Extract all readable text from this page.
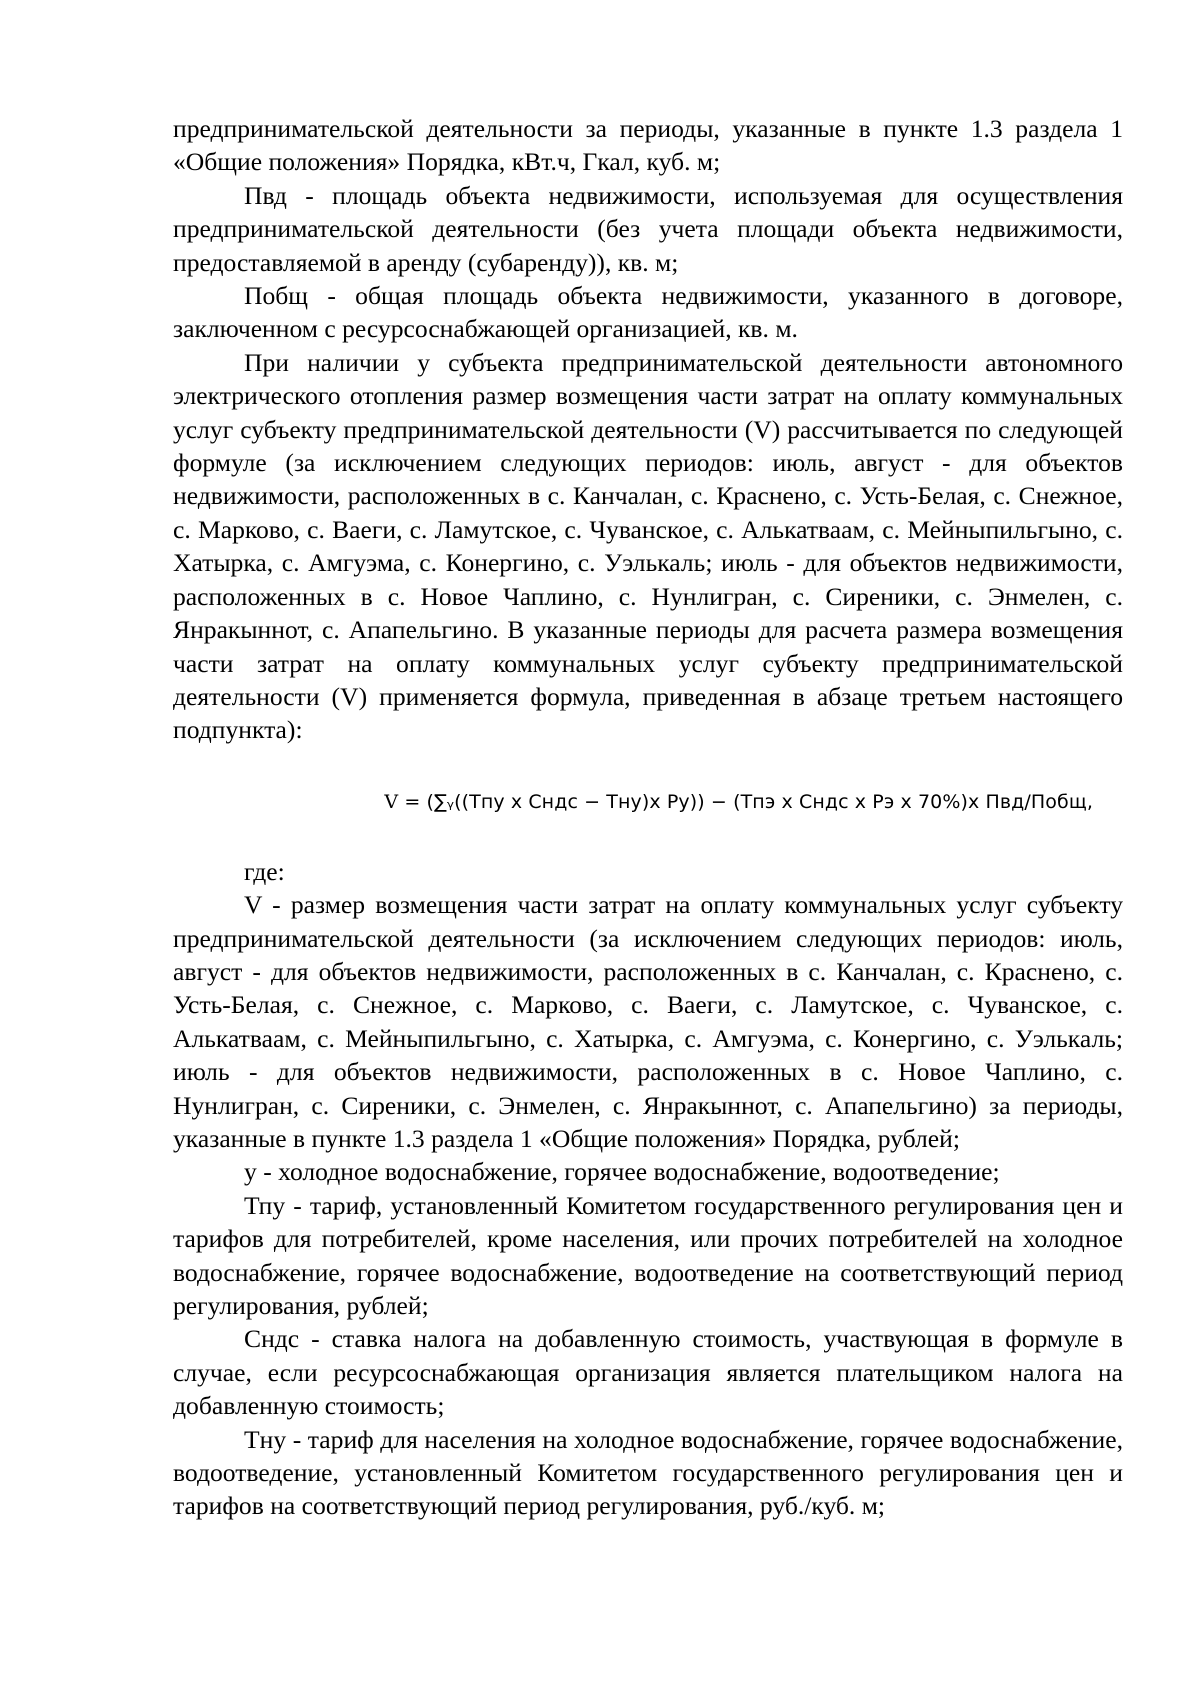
предпринимательской деятельности за периоды, указанные в пункте 1.3 раздела 1 «Общие положения» Порядка, кВт.ч, Гкал, куб. м;

Пвд - площадь объекта недвижимости, используемая для осуществления предпринимательской деятельности (без учета площади объекта недвижимости, предоставляемой в аренду (субаренду)), кв. м;

Побщ - общая площадь объекта недвижимости, указанного в договоре, заключенном с ресурсоснабжающей организацией, кв. м.

При наличии у субъекта предпринимательской деятельности автономного электрического отопления размер возмещения части затрат на оплату коммунальных услуг субъекту предпринимательской деятельности (V) рассчитывается по следующей формуле (за исключением следующих периодов: июль, август - для объектов недвижимости, расположенных в с. Канчалан, с. Краснено, с. Усть-Белая, с. Снежное, с. Марково, с. Ваеги, с. Ламутское, с. Чуванское, с. Алькатваам, с. Мейныпильгыно, с. Хатырка, с. Амгуэма, с. Конергино, с. Уэлькаль; июль - для объектов недвижимости, расположенных в с. Новое Чаплино, с. Нунлигран, с. Сиреники, с. Энмелен, с. Янракыннот, с. Апапельгино. В указанные периоды для расчета размера возмещения части затрат на оплату коммунальных услуг субъекту предпринимательской деятельности (V) применяется формула, приведенная в абзаце третьем настоящего подпункта):

V = (∑ᵧ((Тпу х Сндс − Тну)х Ру)) − (Тпэ х Сндс х Рэ х 70%)х Пвд/Побщ,

где:

V - размер возмещения части затрат на оплату коммунальных услуг субъекту предпринимательской деятельности (за исключением следующих периодов: июль, август - для объектов недвижимости, расположенных в с. Канчалан, с. Краснено, с. Усть-Белая, с. Снежное, с. Марково, с. Ваеги, с. Ламутское, с. Чуванское, с. Алькатваам, с. Мейныпильгыно, с. Хатырка, с. Амгуэма, с. Конергино, с. Уэлькаль; июль - для объектов недвижимости, расположенных в с. Новое Чаплино, с. Нунлигран, с. Сиреники, с. Энмелен, с. Янракыннот, с. Апапельгино) за периоды, указанные в пункте 1.3 раздела 1 «Общие положения» Порядка, рублей;

у - холодное водоснабжение, горячее водоснабжение, водоотведение;

Тпу - тариф, установленный Комитетом государственного регулирования цен и тарифов для потребителей, кроме населения, или прочих потребителей на холодное водоснабжение, горячее водоснабжение, водоотведение на соответствующий период регулирования, рублей;

Сндс - ставка налога на добавленную стоимость, участвующая в формуле в случае, если ресурсоснабжающая организация является плательщиком налога на добавленную стоимость;

Тну - тариф для населения на холодное водоснабжение, горячее водоснабжение, водоотведение, установленный Комитетом государственного регулирования цен и тарифов на соответствующий период регулирования, руб./куб. м;
